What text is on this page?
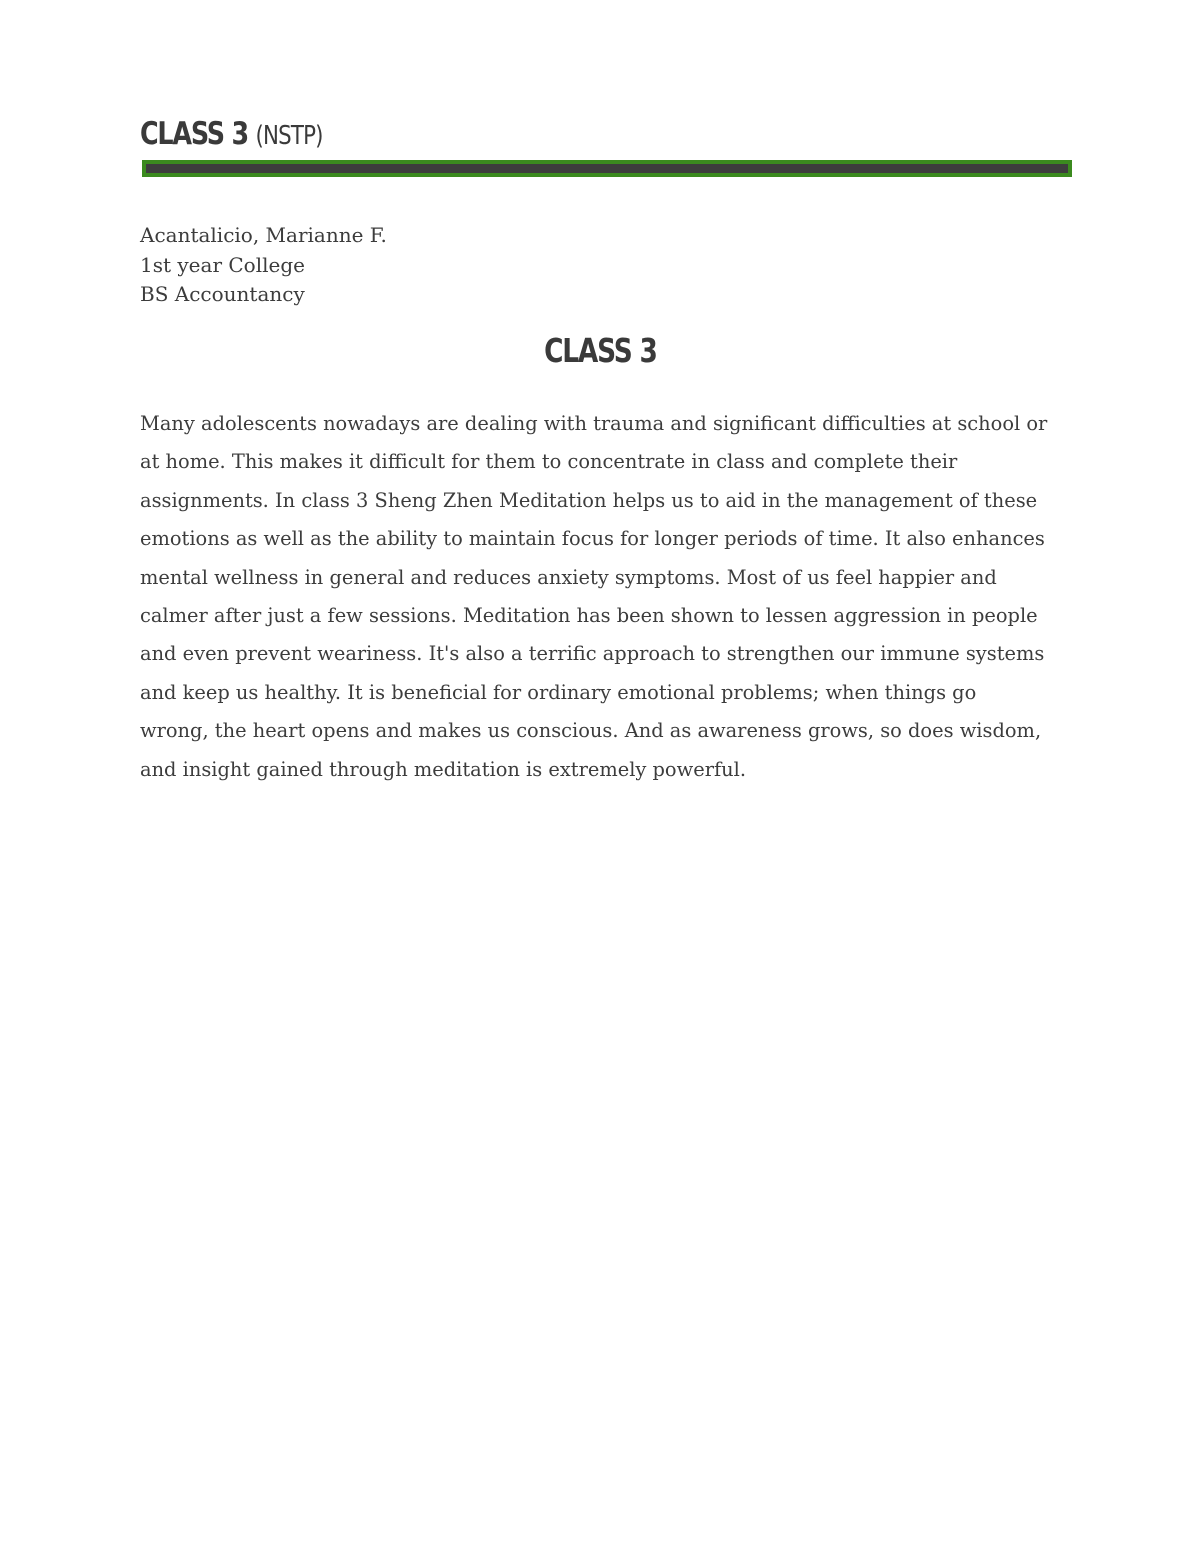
CLASS 3 (NSTP)
Acantalicio, Marianne F.
1st year College
BS Accountancy
CLASS 3
Many adolescents nowadays are dealing with trauma and significant difficulties at school or
at home. This makes it difficult for them to concentrate in class and complete their
assignments. In class 3 Sheng Zhen Meditation helps us to aid in the management of these
emotions as well as the ability to maintain focus for longer periods of time. It also enhances
mental wellness in general and reduces anxiety symptoms. Most of us feel happier and
calmer after just a few sessions. Meditation has been shown to lessen aggression in people
and even prevent weariness. It's also a terrific approach to strengthen our immune systems
and keep us healthy. It is beneficial for ordinary emotional problems; when things go
wrong, the heart opens and makes us conscious. And as awareness grows, so does wisdom,
and insight gained through meditation is extremely powerful.
